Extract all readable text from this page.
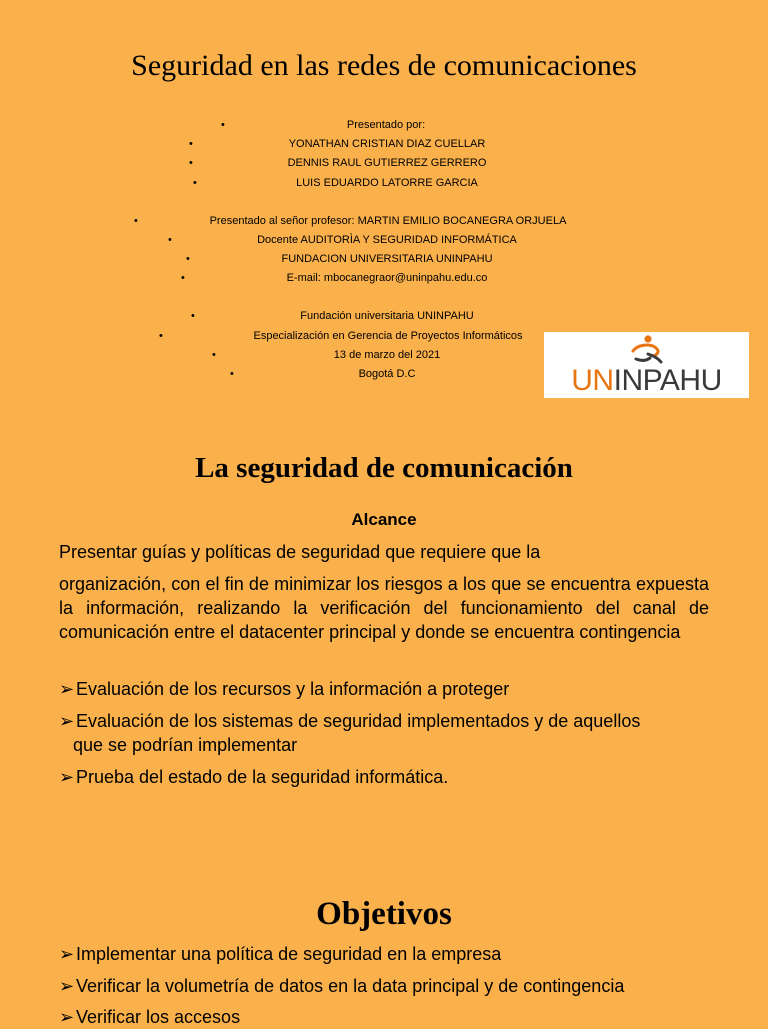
Seguridad en las redes de comunicaciones
•	Presentado por:
•	YONATHAN CRISTIAN DIAZ CUELLAR
•	DENNIS RAUL GUTIERREZ GERRERO
•	LUIS EDUARDO LATORRE GARCIA
•	Presentado al señor profesor: MARTIN EMILIO BOCANEGRA ORJUELA
•	Docente AUDITORÌA Y SEGURIDAD INFORMÁTICA
•	FUNDACION UNIVERSITARIA UNINPAHU
•	E-mail: mbocanegraor@uninpahu.edu.co
•	Fundación universitaria UNINPAHU
•	Especialización en Gerencia de Proyectos Informáticos
•	13 de marzo del 2021
•	Bogotá D.C	UNINPAHU
La seguridad de comunicación
Alcance
Presentar guías y políticas de seguridad que requiere que la
organización, con el fin de minimizar los riesgos a los que se encuentra expuesta la información, realizando la verificación del funcionamiento del canal de comunicación entre el datacenter principal y donde se encuentra contingencia
➢ Evaluación de los recursos y la información a proteger
➢ Evaluación de los sistemas de seguridad implementados y de aquellos
que se podrían implementar
➢ Prueba del estado de la seguridad informática.
Objetivos
➢ Implementar una política de seguridad en la empresa
➢ Verificar la volumetría de datos en la data principal y de contingencia
➢ Verificar los accesos
